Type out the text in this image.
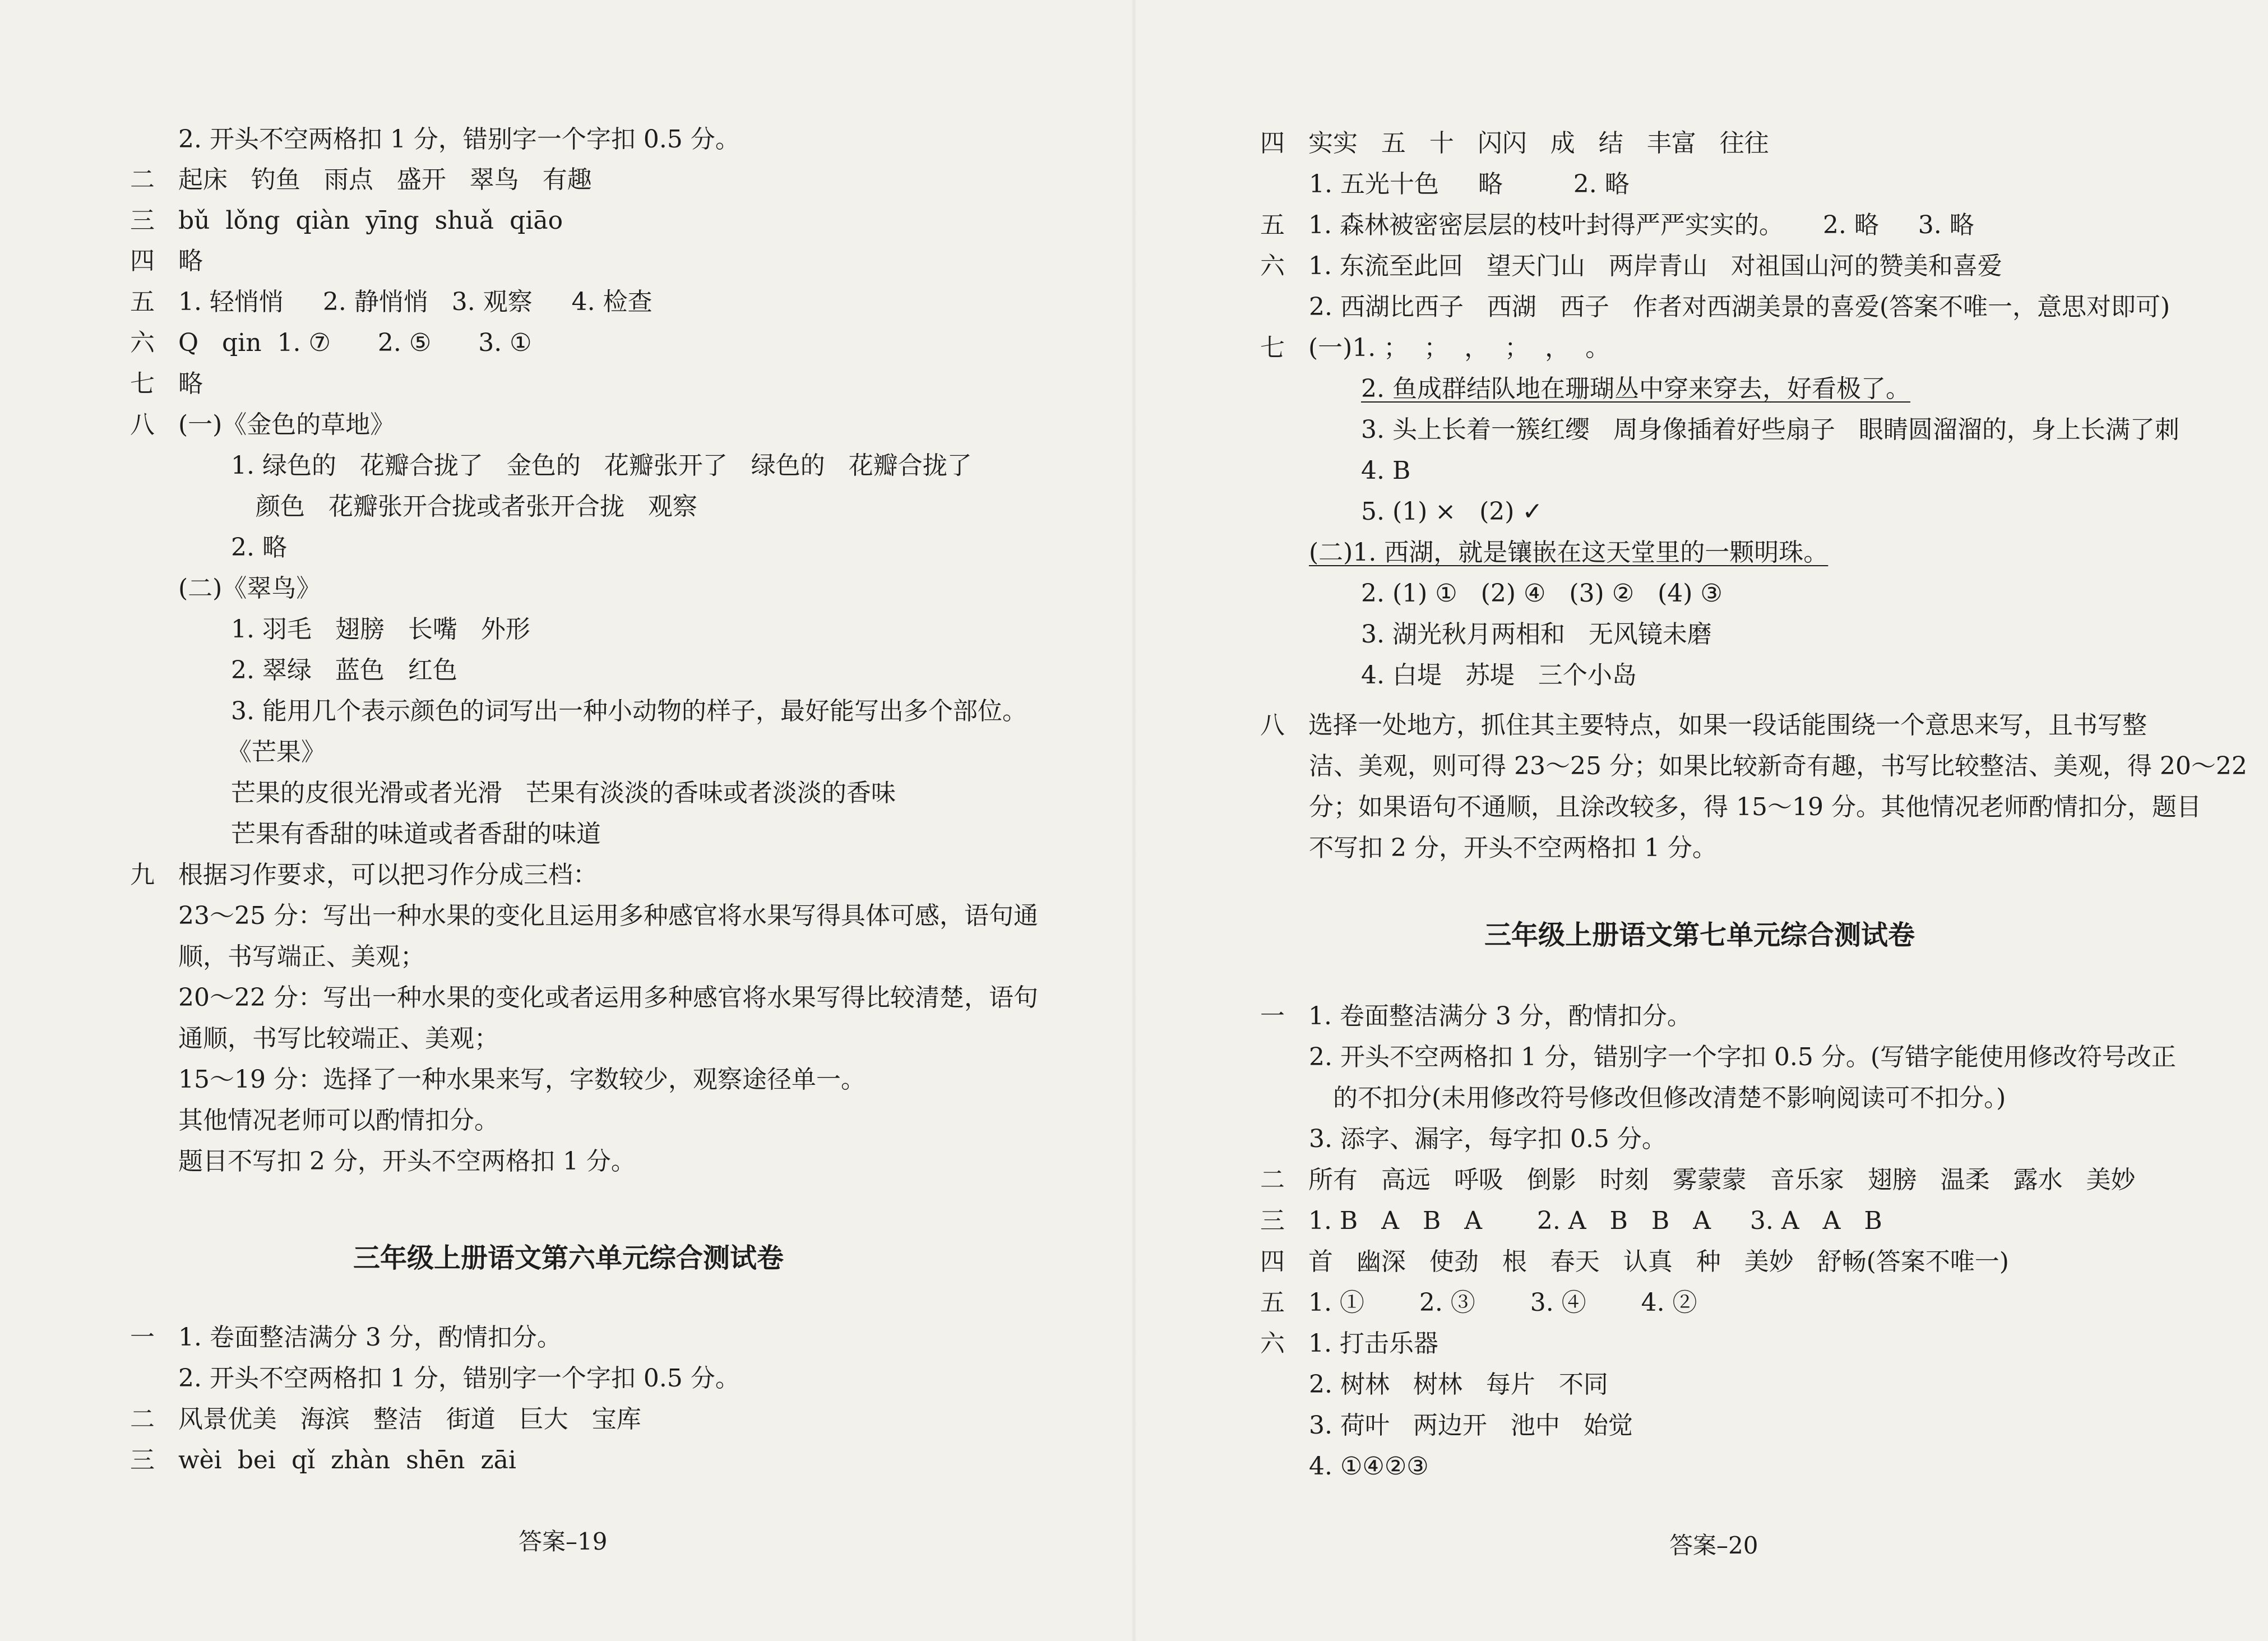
2. 开头不空两格扣 1 分，错别字一个字扣 0.5 分。
二   起床   钓鱼   雨点   盛开   翠鸟   有趣
三   bǔ  lǒng  qiàn  yīng  shuǎ  qiāo
四   略
五   1. 轻悄悄     2. 静悄悄   3. 观察     4. 检查
六   Q   qin  1. ⑦      2. ⑤      3. ①
七   略
八   (一)《金色的草地》
1. 绿色的   花瓣合拢了   金色的   花瓣张开了   绿色的   花瓣合拢了
颜色   花瓣张开合拢或者张开合拢   观察
2. 略
(二)《翠鸟》
1. 羽毛   翅膀   长嘴   外形
2. 翠绿   蓝色   红色
3. 能用几个表示颜色的词写出一种小动物的样子，最好能写出多个部位。
《芒果》
芒果的皮很光滑或者光滑   芒果有淡淡的香味或者淡淡的香味
芒果有香甜的味道或者香甜的味道
九   根据习作要求，可以把习作分成三档：
23～25 分：写出一种水果的变化且运用多种感官将水果写得具体可感，语句通
顺，书写端正、美观；
20～22 分：写出一种水果的变化或者运用多种感官将水果写得比较清楚，语句
通顺，书写比较端正、美观；
15～19 分：选择了一种水果来写，字数较少，观察途径单一。
其他情况老师可以酌情扣分。
题目不写扣 2 分，开头不空两格扣 1 分。
三年级上册语文第六单元综合测试卷
一   1. 卷面整洁满分 3 分，酌情扣分。
2. 开头不空两格扣 1 分，错别字一个字扣 0.5 分。
二   风景优美   海滨   整洁   街道   巨大   宝库
三   wèi  bei  qǐ  zhàn  shēn  zāi
答案–19
四   实实   五   十   闪闪   成   结   丰富   往往
1. 五光十色     略         2. 略
五   1. 森林被密密层层的枝叶封得严严实实的。     2. 略     3. 略
六   1. 东流至此回   望天门山   两岸青山   对祖国山河的赞美和喜爱
2. 西湖比西子   西湖   西子   作者对西湖美景的喜爱(答案不唯一，意思对即可)
七   (一)1. ；  ；  ，  ；  ，  。
2. 鱼成群结队地在珊瑚丛中穿来穿去，好看极了。
3. 头上长着一簇红缨   周身像插着好些扇子   眼睛圆溜溜的，身上长满了刺
4. B
5. (1) ×   (2) ✓
(二)1. 西湖，就是镶嵌在这天堂里的一颗明珠。
2. (1) ①   (2) ④   (3) ②   (4) ③
3. 湖光秋月两相和   无风镜未磨
4. 白堤   苏堤   三个小岛
八   选择一处地方，抓住其主要特点，如果一段话能围绕一个意思来写，且书写整
洁、美观，则可得 23～25 分；如果比较新奇有趣，书写比较整洁、美观，得 20～22
分；如果语句不通顺，且涂改较多，得 15～19 分。其他情况老师酌情扣分，题目
不写扣 2 分，开头不空两格扣 1 分。
三年级上册语文第七单元综合测试卷
一   1. 卷面整洁满分 3 分，酌情扣分。
2. 开头不空两格扣 1 分，错别字一个字扣 0.5 分。(写错字能使用修改符号改正
的不扣分(未用修改符号修改但修改清楚不影响阅读可不扣分。)
3. 添字、漏字，每字扣 0.5 分。
二   所有   高远   呼吸   倒影   时刻   雾蒙蒙   音乐家   翅膀   温柔   露水   美妙
三   1. B   A   B   A       2. A   B   B   A     3. A   A   B
四   首   幽深   使劲   根   春天   认真   种   美妙   舒畅(答案不唯一)
五   1. ①       2. ③       3. ④       4. ②
六   1. 打击乐器
2. 树林   树林   每片   不同
3. 荷叶   两边开   池中   始觉
4. ①④②③
答案–20
